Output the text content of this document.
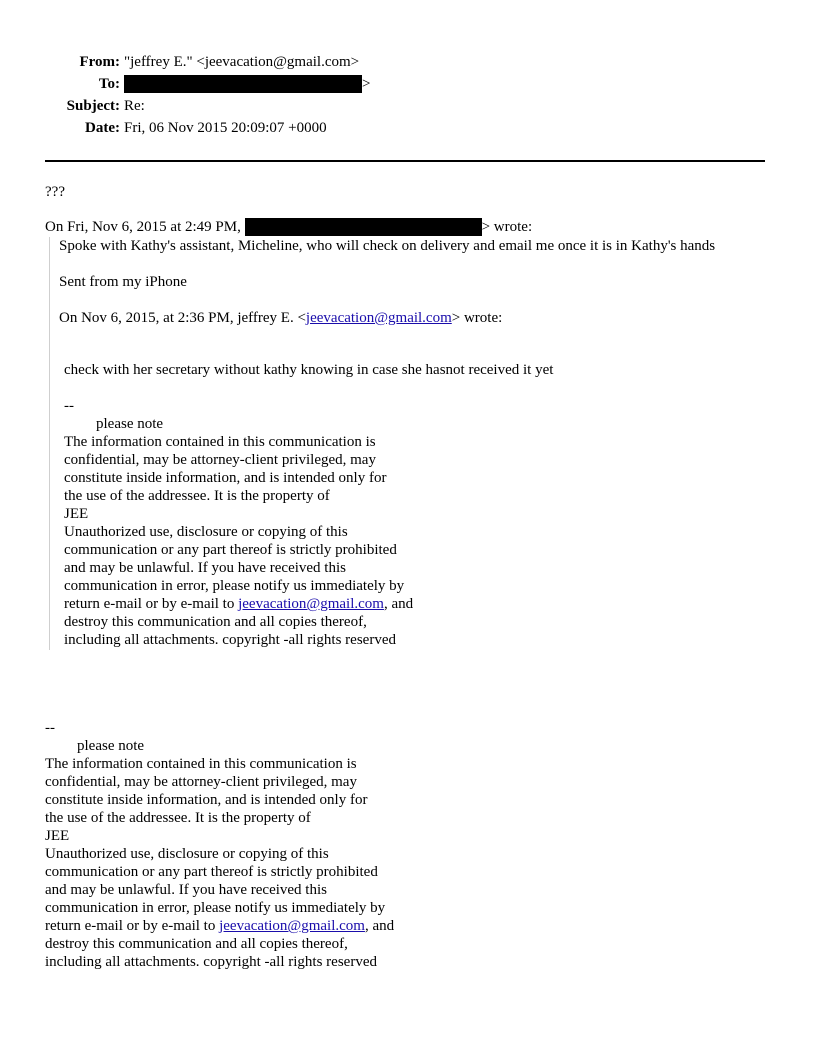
From: "jeffrey E." <jeevacation@gmail.com>
To:	>
Subject: Re:
Date: Fri, 06 Nov 2015 20:09:07 +0000
???
On Fri, Nov 6, 2015 at 2:49 PM,	> wrote:
Spoke with Kathy's assistant, Micheline, who will check on delivery and email me once it is in Kathy's hands
Sent from my iPhone
On Nov 6, 2015, at 2:36 PM, jeffrey E. <jeevacation@gmail.com> wrote:
check with her secretary without kathy knowing in case she hasnot received it yet
--
please note
The information contained in this communication is
confidential, may be attorney-client privileged, may
constitute inside information, and is intended only for
the use of the addressee. It is the property of
JEE
Unauthorized use, disclosure or copying of this
communication or any part thereof is strictly prohibited
and may be unlawful. If you have received this
communication in error, please notify us immediately by
return e-mail or by e-mail to jeevacation@gmail.com, and
destroy this communication and all copies thereof,
including all attachments. copyright -all rights reserved
--
please note
The information contained in this communication is
confidential, may be attorney-client privileged, may
constitute inside information, and is intended only for
the use of the addressee. It is the property of
JEE
Unauthorized use, disclosure or copying of this
communication or any part thereof is strictly prohibited
and may be unlawful. If you have received this
communication in error, please notify us immediately by
return e-mail or by e-mail to jeevacation@gmail.com, and
destroy this communication and all copies thereof,
including all attachments. copyright -all rights reserved
